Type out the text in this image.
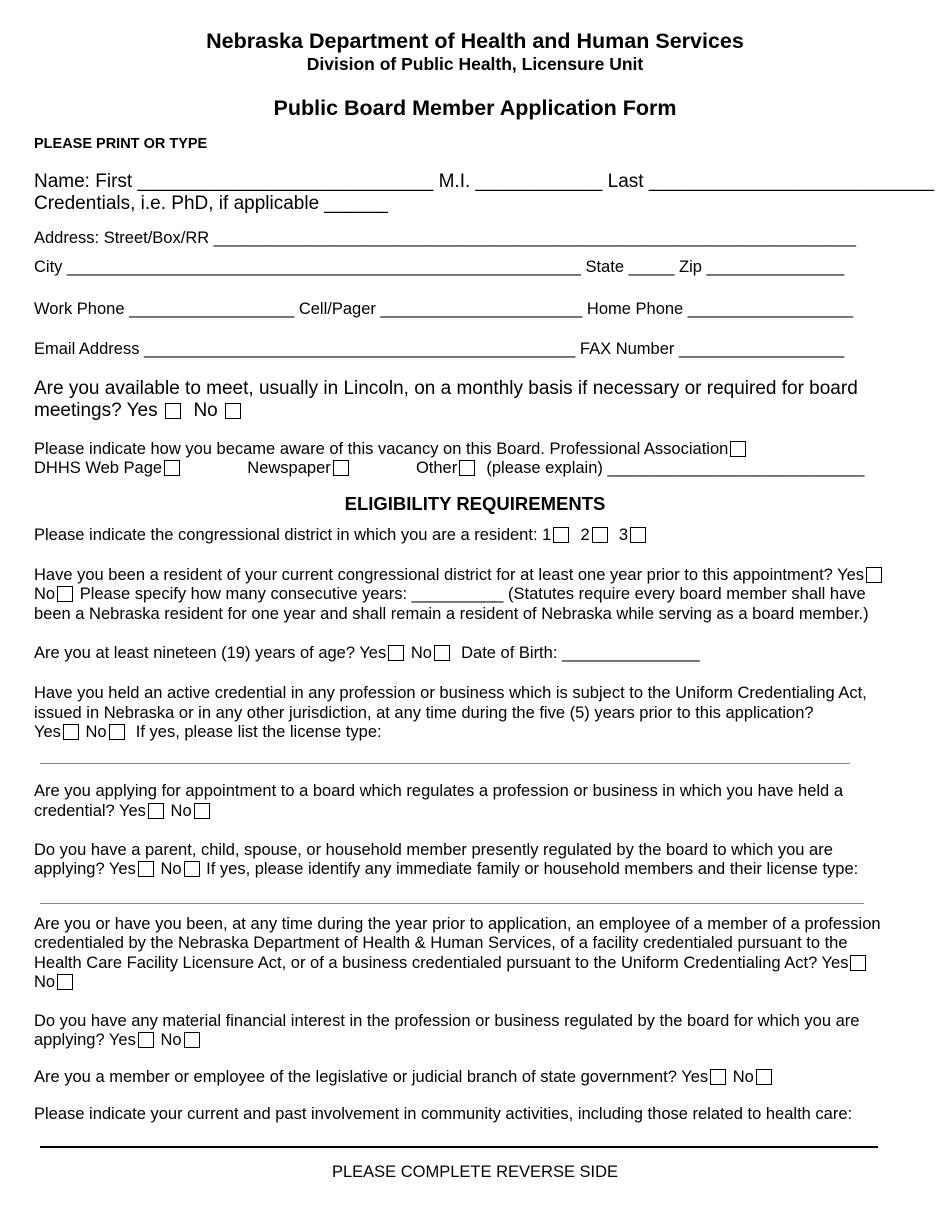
Nebraska Department of Health and Human Services
Division of Public Health, Licensure Unit
Public Board Member Application Form
PLEASE PRINT OR TYPE
Name: First ____________________________ M.I. ____________ Last ___________________________
Credentials, i.e. PhD, if applicable ______
Address: Street/Box/RR ______________________________________________________________________
City ________________________________________________________ State _____ Zip _______________
Work Phone __________________ Cell/Pager ______________________ Home Phone __________________
Email Address _______________________________________________ FAX Number __________________
Are you available to meet, usually in Lincoln, on a monthly basis if necessary or required for board
meetings? Yes No
Please indicate how you became aware of this vacancy on this Board. Professional Association
DHHS Web Page	Newspaper	Other (please explain) ____________________________
ELIGIBILITY REQUIREMENTS
Please indicate the congressional district in which you are a resident: 1 2 3
Have you been a resident of your current congressional district for at least one year prior to this appointment? Yes
No Please specify how many consecutive years: __________ (Statutes require every board member shall have
been a Nebraska resident for one year and shall remain a resident of Nebraska while serving as a board member.)
Are you at least nineteen (19) years of age? Yes No Date of Birth: _______________
Have you held an active credential in any profession or business which is subject to the Uniform Credentialing Act,
issued in Nebraska or in any other jurisdiction, at any time during the five (5) years prior to this application?
Yes No If yes, please list the license type:
Are you applying for appointment to a board which regulates a profession or business in which you have held a
credential? Yes No
Do you have a parent, child, spouse, or household member presently regulated by the board to which you are
applying? Yes No If yes, please identify any immediate family or household members and their license type:
Are you or have you been, at any time during the year prior to application, an employee of a member of a profession
credentialed by the Nebraska Department of Health & Human Services, of a facility credentialed pursuant to the
Health Care Facility Licensure Act, or of a business credentialed pursuant to the Uniform Credentialing Act? Yes
No
Do you have any material financial interest in the profession or business regulated by the board for which you are
applying? Yes No
Are you a member or employee of the legislative or judicial branch of state government? Yes No
Please indicate your current and past involvement in community activities, including those related to health care:
PLEASE COMPLETE REVERSE SIDE
